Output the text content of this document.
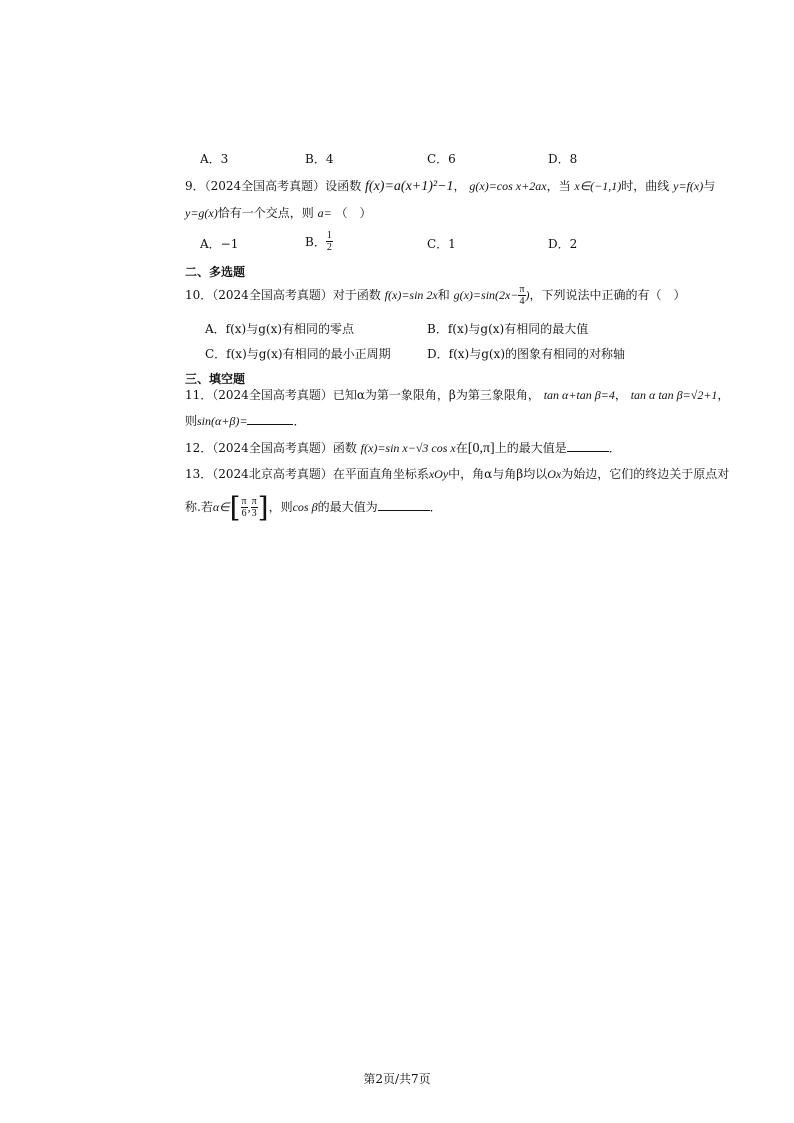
A．3	B．4	C．6	D．8
9．（2024全国高考真题）设函数 f(x)=a(x+1)²−1， g(x)=cos x+2ax，当 x∈(−1,1)时，曲线 y=f(x)与
y=g(x)恰有一个交点，则 a= （　）
A．−1	B． $\frac{1}{2}$	C．1	D．2
二、多选题
10．（2024全国高考真题）对于函数 f(x)=sin 2x和 $g(x)=\sin(2x- \frac{\pi}{4}$ )，下列说法中正确的有（　）
A．f(x)与g(x)有相同的零点	B．f(x)与g(x)有相同的最大值
C．f(x)与g(x)有相同的最小正周期	D．f(x)与g(x)的图象有相同的对称轴
三、填空题
11．（2024全国高考真题）已知α为第一象限角，β为第三象限角， tan α+tan β=4， tan α tan β=√2+1，
则sin(α+β)=	．
12．（2024全国高考真题）函数 f(x)=sin x−√3 cos x在[0,π]上的最大值是	．
13．（2024北京高考真题）在平面直角坐标系xOy中，角α与角β均以Ox为始边，它们的终边关于原点对
称.若α∈[ $\frac{\pi}{6}$ , $\frac{\pi}{3}$ ]，则cos β的最大值为	．
第2页/共7页
